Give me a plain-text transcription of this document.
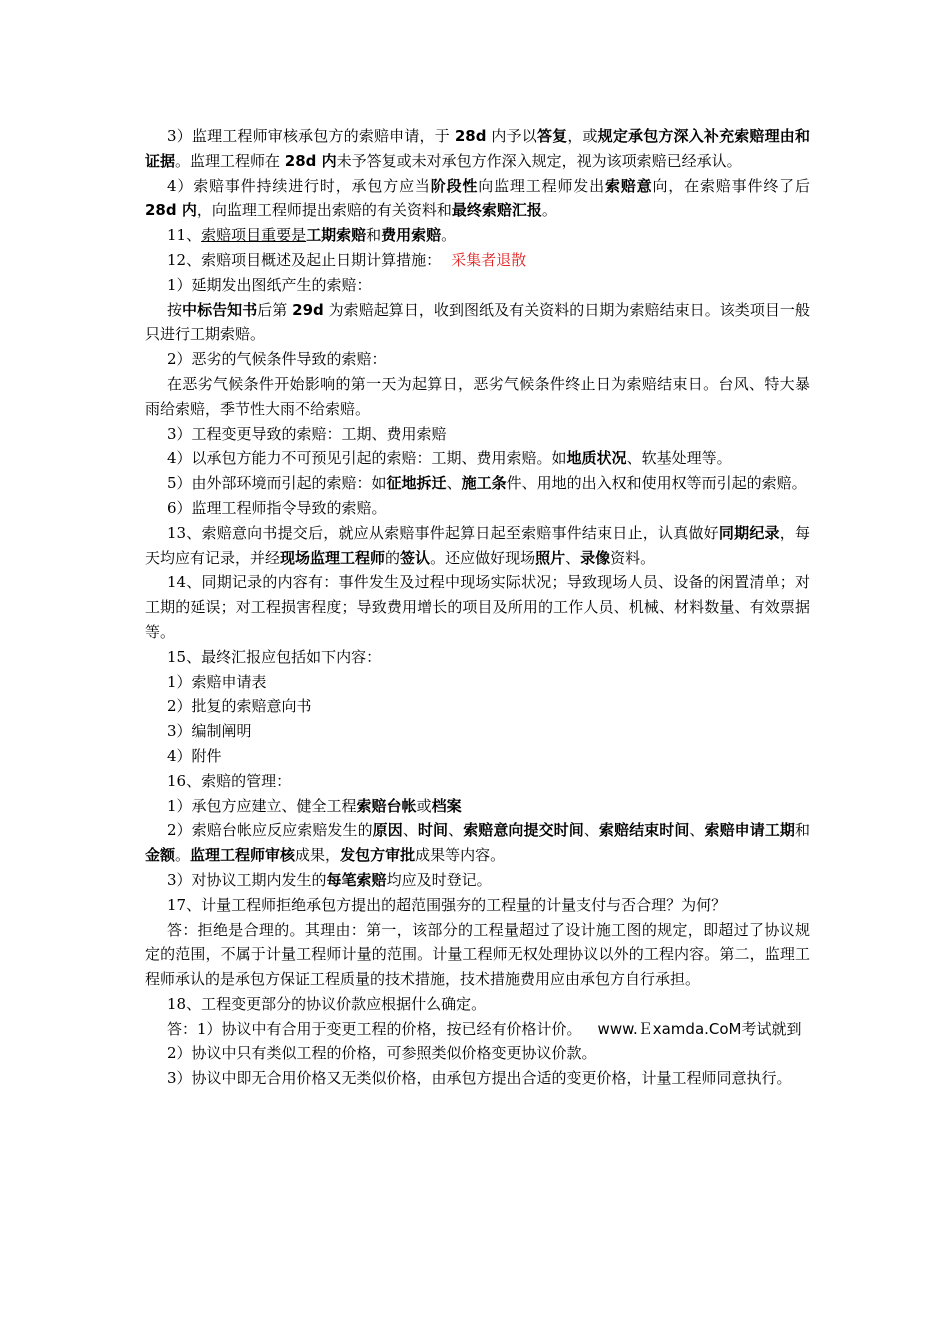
3）监理工程师审核承包方的索赔申请，于 28d 内予以答复，或规定承包方深入补充索赔理由和证据。监理工程师在 28d 内未予答复或未对承包方作深入规定，视为该项索赔已经承认。

4）索赔事件持续进行时，承包方应当阶段性向监理工程师发出索赔意向，在索赔事件终了后 28d 内，向监理工程师提出索赔的有关资料和最终索赔汇报。

11、索赔项目重要是工期索赔和费用索赔。

12、索赔项目概述及起止日期计算措施： 采集者退散

1）延期发出图纸产生的索赔：

按中标告知书后第 29d 为索赔起算日，收到图纸及有关资料的日期为索赔结束日。该类项目一般只进行工期索赔。

2）恶劣的气候条件导致的索赔：

在恶劣气候条件开始影响的第一天为起算日，恶劣气候条件终止日为索赔结束日。台风、特大暴雨给索赔，季节性大雨不给索赔。

3）工程变更导致的索赔：工期、费用索赔

4）以承包方能力不可预见引起的索赔：工期、费用索赔。如地质状况、软基处理等。

5）由外部环境而引起的索赔：如征地拆迁、施工条件、用地的出入权和使用权等而引起的索赔。

6）监理工程师指令导致的索赔。

13、索赔意向书提交后，就应从索赔事件起算日起至索赔事件结束日止，认真做好同期纪录，每天均应有记录，并经现场监理工程师的签认。还应做好现场照片、录像资料。

14、同期记录的内容有：事件发生及过程中现场实际状况；导致现场人员、设备的闲置清单；对工期的延误；对工程损害程度；导致费用增长的项目及所用的工作人员、机械、材料数量、有效票据等。

15、最终汇报应包括如下内容：

1）索赔申请表

2）批复的索赔意向书

3）编制阐明

4）附件

16、索赔的管理：

1）承包方应建立、健全工程索赔台帐或档案

2）索赔台帐应反应索赔发生的原因、时间、索赔意向提交时间、索赔结束时间、索赔申请工期和金额。监理工程师审核成果，发包方审批成果等内容。

3）对协议工期内发生的每笔索赔均应及时登记。

17、计量工程师拒绝承包方提出的超范围强夯的工程量的计量支付与否合理？为何？

答：拒绝是合理的。其理由：第一，该部分的工程量超过了设计施工图的规定，即超过了协议规定的范围，不属于计量工程师计量的范围。计量工程师无权处理协议以外的工程内容。第二，监理工程师承认的是承包方保证工程质量的技术措施，技术措施费用应由承包方自行承担。

18、工程变更部分的协议价款应根据什么确定。

答：1）协议中有合用于变更工程的价格，按已经有价格计价。 www.Ｅxamda.CoM考试就到

2）协议中只有类似工程的价格，可参照类似价格变更协议价款。

3）协议中即无合用价格又无类似价格，由承包方提出合适的变更价格，计量工程师同意执行。
